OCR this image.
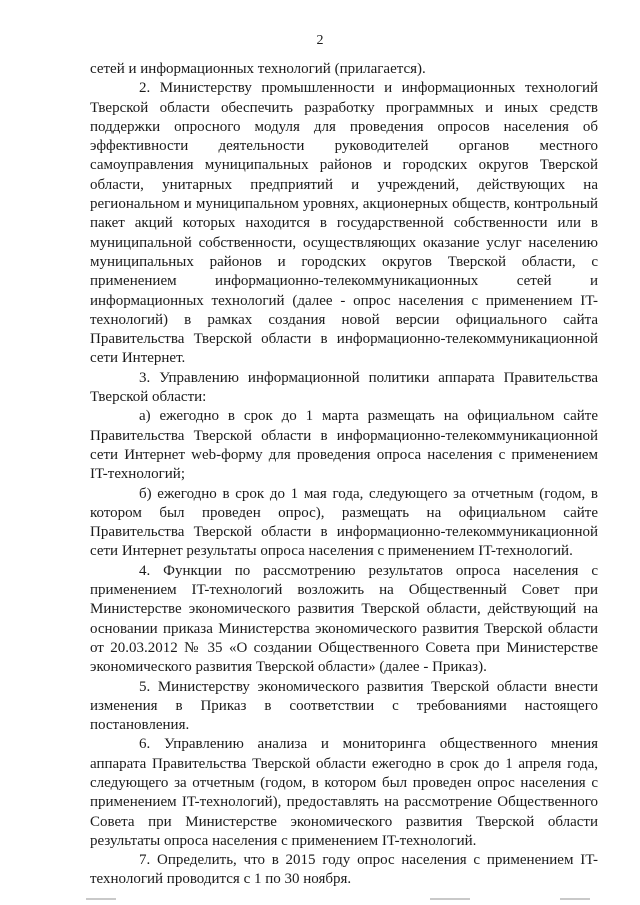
2

сетей и информационных технологий (прилагается).

2. Министерству промышленности и информационных технологий Тверской области обеспечить разработку программных и иных средств поддержки опросного модуля для проведения опросов населения об эффективности деятельности руководителей органов местного самоуправления муниципальных районов и городских округов Тверской области, унитарных предприятий и учреждений, действующих на региональном и муниципальном уровнях, акционерных обществ, контрольный пакет акций которых находится в государственной собственности или в муниципальной собственности, осуществляющих оказание услуг населению муниципальных районов и городских округов Тверской области, с применением информационно-телекоммуникационных сетей и информационных технологий (далее - опрос населения с применением IT-технологий) в рамках создания новой версии официального сайта Правительства Тверской области в информационно-телекоммуникационной сети Интернет.

3. Управлению информационной политики аппарата Правительства Тверской области:

а) ежегодно в срок до 1 марта размещать на официальном сайте Правительства Тверской области в информационно-телекоммуникационной сети Интернет web-форму для проведения опроса населения с применением IT-технологий;

б) ежегодно в срок до 1 мая года, следующего за отчетным (годом, в котором был проведен опрос), размещать на официальном сайте Правительства Тверской области в информационно-телекоммуникационной сети Интернет результаты опроса населения с применением IT-технологий.

4. Функции по рассмотрению результатов опроса населения с применением IT-технологий возложить на Общественный Совет при Министерстве экономического развития Тверской области, действующий на основании приказа Министерства экономического развития Тверской области от 20.03.2012 № 35 «О создании Общественного Совета при Министерстве экономического развития Тверской области» (далее - Приказ).

5. Министерству экономического развития Тверской области внести изменения в Приказ в соответствии с требованиями настоящего постановления.

6. Управлению анализа и мониторинга общественного мнения аппарата Правительства Тверской области ежегодно в срок до 1 апреля года, следующего за отчетным (годом, в котором был проведен опрос населения с применением IT-технологий), предоставлять на рассмотрение Общественного Совета при Министерстве экономического развития Тверской области результаты опроса населения с применением IT-технологий.

7. Определить, что в 2015 году опрос населения с применением IT-технологий проводится с 1 по 30 ноября.
